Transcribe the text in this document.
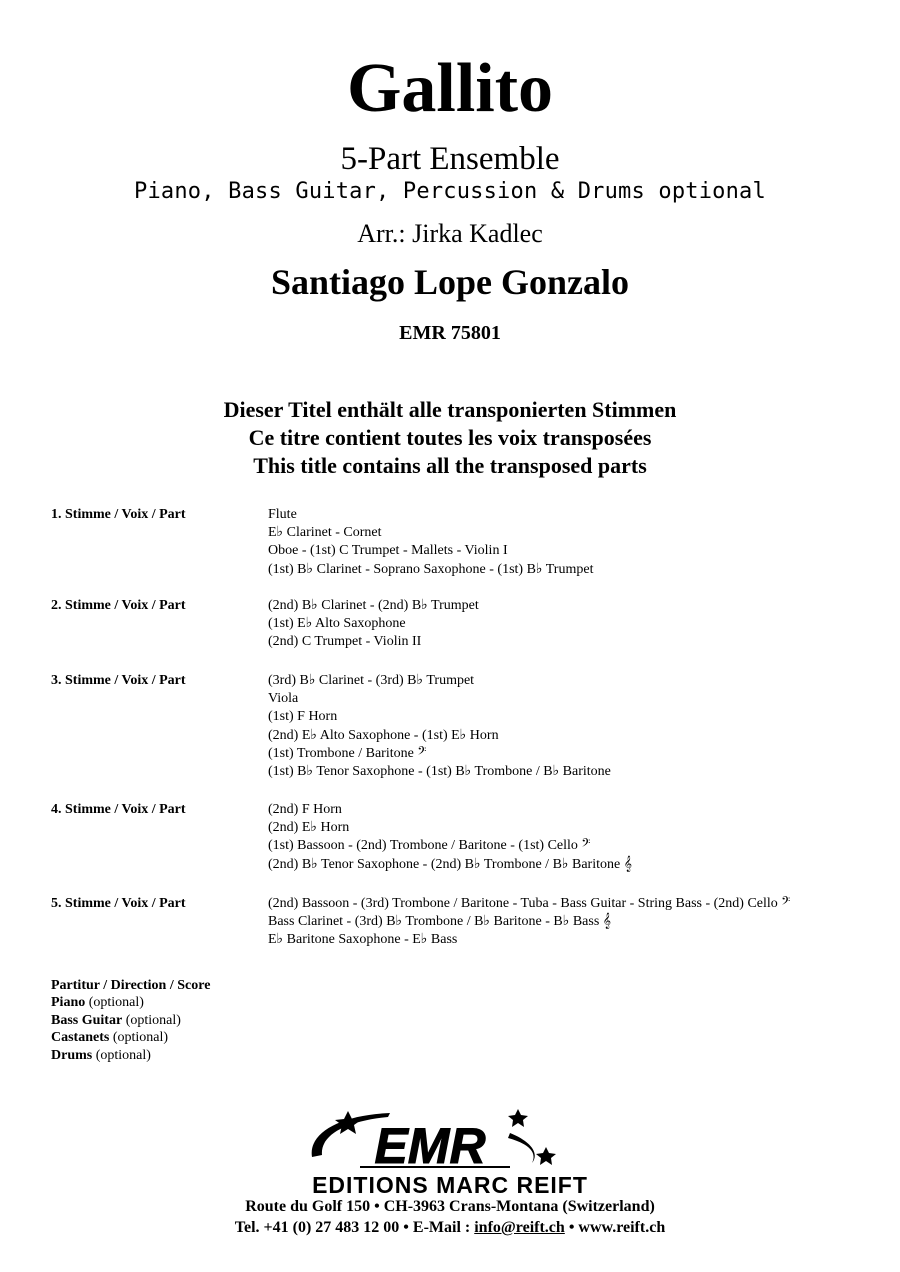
Gallito
5-Part Ensemble
Piano, Bass Guitar, Percussion & Drums optional
Arr.: Jirka Kadlec
Santiago Lope Gonzalo
EMR 75801
Dieser Titel enthält alle transponierten Stimmen
Ce titre contient toutes les voix transposées
This title contains all the transposed parts
1. Stimme / Voix / Part	Flute
E♭ Clarinet - Cornet
Oboe - (1st) C Trumpet - Mallets - Violin I
(1st) B♭ Clarinet - Soprano Saxophone - (1st) B♭ Trumpet
2. Stimme / Voix / Part	(2nd) B♭ Clarinet - (2nd) B♭ Trumpet
(1st) E♭ Alto Saxophone
(2nd) C Trumpet - Violin II
3. Stimme / Voix / Part	(3rd) B♭ Clarinet - (3rd) B♭ Trumpet
Viola
(1st) F Horn
(2nd) E♭ Alto Saxophone - (1st) E♭ Horn
(1st) Trombone / Baritone 𝄢
(1st) B♭ Tenor Saxophone - (1st) B♭ Trombone / B♭ Baritone
4. Stimme / Voix / Part	(2nd) F Horn
(2nd) E♭ Horn
(1st) Bassoon - (2nd) Trombone / Baritone - (1st) Cello 𝄢
(2nd) B♭ Tenor Saxophone - (2nd) B♭ Trombone / B♭ Baritone 𝄞
5. Stimme / Voix / Part	(2nd) Bassoon - (3rd) Trombone / Baritone - Tuba - Bass Guitar - String Bass - (2nd) Cello 𝄢
Bass Clarinet - (3rd) B♭ Trombone / B♭ Baritone - B♭ Bass 𝄞
E♭ Baritone Saxophone - E♭ Bass
Partitur / Direction / Score
Piano (optional)
Bass Guitar (optional)
Castanets (optional)
Drums (optional)
EMR
EDITIONS MARC REIFT
Route du Golf 150 • CH-3963 Crans-Montana (Switzerland)
Tel. +41 (0) 27 483 12 00 • E-Mail : info@reift.ch • www.reift.ch
